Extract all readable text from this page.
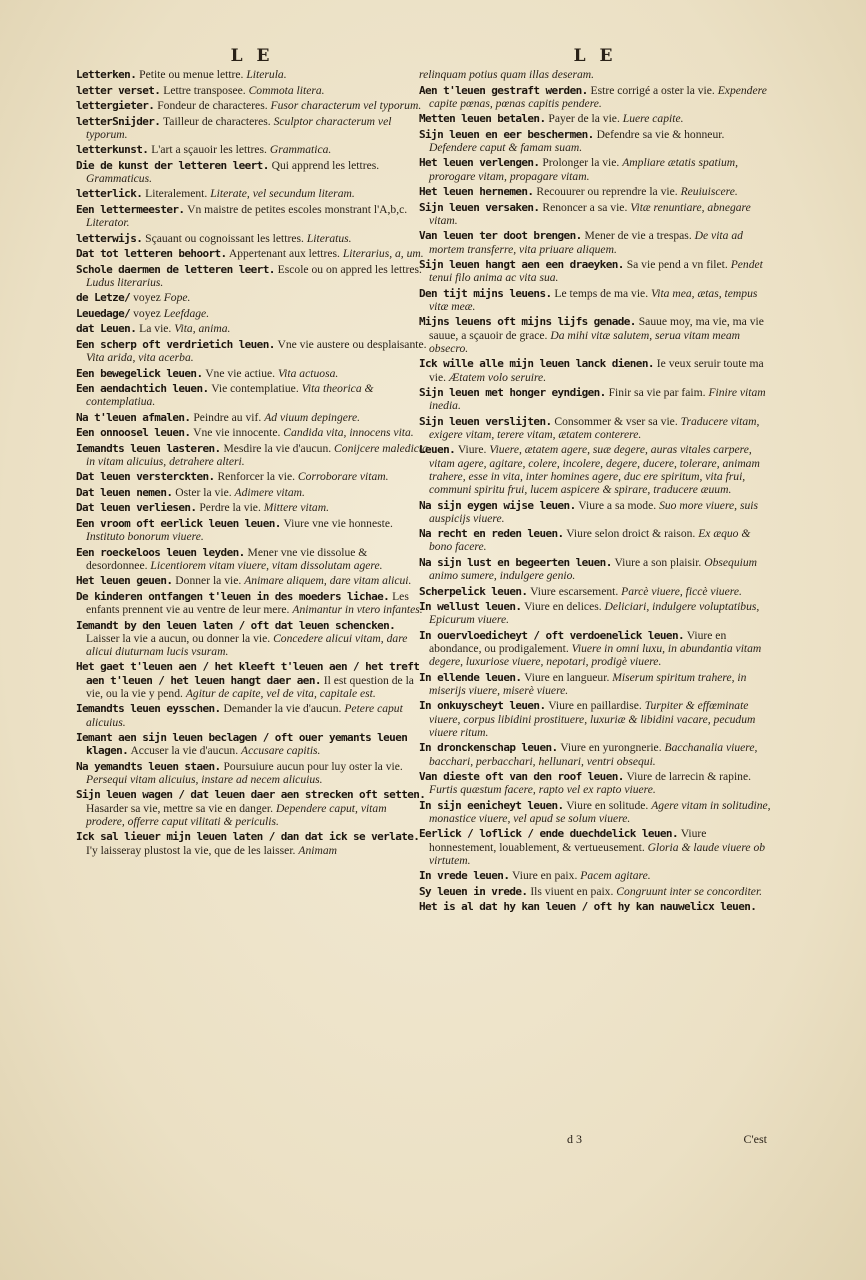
L E

Letterken. Petite ou menue lettre. Literula.

letter verset. Lettre transposee. Commota litera.

lettergieter. Fondeur de characteres. Fusor characterum vel typorum.

letterSnijder. Tailleur de characteres. Sculptor characterum vel typorum.

letterkunst. L'art a sçauoir les lettres. Grammatica.

Die de kunst der letteren leert. Qui apprend les lettres. Grammaticus.

letterlick. Literalement. Literate, vel secundum literam.

Een lettermeester. Vn maistre de petites escoles monstrant l'A,b,c. Literator.

letterwijs. Sçauant ou cognoissant les lettres. Literatus.

Dat tot letteren behoort. Appertenant aux lettres. Literarius, a, um.

Schole daermen de letteren leert. Escole ou on appred les lettres. Ludus literarius.

de Letze/ voyez Fope.

Leuedage/ voyez Leefdage.

dat Leuen. La vie. Vita, anima.

Een scherp oft verdrietich leuen. Vne vie austere ou desplaisante. Vita arida, vita acerba.

Een bewegelick leuen. Vne vie actiue. Vita actuosa.

Een aendachtich leuen. Vie contemplatiue. Vita theorica & contemplatiua.

Na t'leuen afmalen. Peindre au vif. Ad viuum depingere.

Een onnoosel leuen. Vne vie innocente. Candida vita, innocens vita.

Iemandts leuen lasteren. Mesdire la vie d'aucun. Conijcere maledicta in vitam alicuius, detrahere alteri.

Dat leuen versterckten. Renforcer la vie. Corroborare vitam.

Dat leuen nemen. Oster la vie. Adimere vitam.

Dat leuen verliesen. Perdre la vie. Mittere vitam.

Een vroom oft eerlick leuen leuen. Viure vne vie honneste. Instituto bonorum viuere.

Een roeckeloos leuen leyden. Mener vne vie dissolue & desordonnee. Licentiorem vitam viuere, vitam dissolutam agere.

Het leuen geuen. Donner la vie. Animare aliquem, dare vitam alicui.

De kinderen ontfangen t'leuen in des moeders lichae. Les enfants prennent vie au ventre de leur mere. Animantur in vtero infantes.

Iemandt by den leuen laten / oft dat leuen schencken. Laisser la vie a aucun, ou donner la vie. Concedere alicui vitam, dare alicui diuturnam lucis vsuram.

Het gaet t'leuen aen / het kleeft t'leuen aen / het treft aen t'leuen / het leuen hangt daer aen. Il est question de la vie, ou la vie y pend. Agitur de capite, vel de vita, capitale est.

Iemandts leuen eysschen. Demander la vie d'aucun. Petere caput alicuius.

Iemant aen sijn leuen beclagen / oft ouer yemants leuen klagen. Accuser la vie d'aucun. Accusare capitis.

Na yemandts leuen staen. Poursuiure aucun pour luy oster la vie. Persequi vitam alicuius, instare ad necem alicuius.

Sijn leuen wagen / dat leuen daer aen strecken oft setten. Hasarder sa vie, mettre sa vie en danger. Dependere caput, vitam prodere, offerre caput vilitati & periculis.

Ick sal lieuer mijn leuen laten / dan dat ick se verlate. I'y laisseray plustost la vie, que de les laisser. Animam

L E

relinquam potius quam illas deseram.

Aen t'leuen gestraft werden. Estre corrigé a oster la vie. Expendere capite pœnas, pœnas capitis pendere.

Metten leuen betalen. Payer de la vie. Luere capite.

Sijn leuen en eer beschermen. Defendre sa vie & honneur. Defendere caput & famam suam.

Het leuen verlengen. Prolonger la vie. Ampliare ætatis spatium, prorogare vitam, propagare vitam.

Het leuen hernemen. Recouurer ou reprendre la vie. Reuiuiscere.

Sijn leuen versaken. Renoncer a sa vie. Vitæ renuntiare, abnegare vitam.

Van leuen ter doot brengen. Mener de vie a trespas. De vita ad mortem transferre, vita priuare aliquem.

Sijn leuen hangt aen een draeyken. Sa vie pend a vn filet. Pendet tenui filo anima ac vita sua.

Den tijt mijns leuens. Le temps de ma vie. Vita mea, ætas, tempus vitæ meæ.

Mijns leuens oft mijns lijfs genade. Sauue moy, ma vie, ma vie sauue, a sçauoir de grace. Da mihi vitæ salutem, serua vitam meam obsecro.

Ick wille alle mijn leuen lanck dienen. Ie veux seruir toute ma vie. Ætatem volo seruire.

Sijn leuen met honger eyndigen. Finir sa vie par faim. Finire vitam inedia.

Sijn leuen verslijten. Consommer & vser sa vie. Traducere vitam, exigere vitam, terere vitam, ætatem conterere.

Leuen. Viure. Viuere, ætatem agere, suæ degere, auras vitales carpere, vitam agere, agitare, colere, incolere, degere, ducere, tolerare, animam trahere, esse in vita, inter homines agere, duc ere spiritum, vita frui, communi spiritu frui, lucem aspicere & spirare, traducere æuum.

Na sijn eygen wijse leuen. Viure a sa mode. Suo more viuere, suis auspicijs viuere.

Na recht en reden leuen. Viure selon droict & raison. Ex æquo & bono facere.

Na sijn lust en begeerten leuen. Viure a son plaisir. Obsequium animo sumere, indulgere genio.

Scherpelick leuen. Viure escarsement. Parcè viuere, ficcè viuere.

In wellust leuen. Viure en delices. Deliciari, indulgere voluptatibus, Epicurum viuere.

In ouervloedicheyt / oft verdoenelick leuen. Viure en abondance, ou prodigalement. Viuere in omni luxu, in abundantia vitam degere, luxuriose viuere, nepotari, prodigè viuere.

In ellende leuen. Viure en langueur. Miserum spiritum trahere, in miserijs viuere, miserè viuere.

In onkuyscheyt leuen. Viure en paillardise. Turpiter & effœminate viuere, corpus libidini prostituere, luxuriæ & libidini vacare, pecudum viuere ritum.

In dronckenschap leuen. Viure en yurongnerie. Bacchanalia viuere, bacchari, perbacchari, hellunari, ventri obsequi.

Van dieste oft van den roof leuen. Viure de larrecin & rapine. Furtis quæstum facere, rapto vel ex rapto viuere.

In sijn eenicheyt leuen. Viure en solitude. Agere vitam in solitudine, monastice viuere, vel apud se solum viuere.

Eerlick / loflick / ende duechdelick leuen. Viure honnestement, louablement, & vertueusement. Gloria & laude viuere ob virtutem.

In vrede leuen. Viure en paix. Pacem agitare.

Sy leuen in vrede. Ils viuent en paix. Congruunt inter se concorditer.

Het is al dat hy kan leuen / oft hy kan nauwelicx leuen.

d 3	C'est
